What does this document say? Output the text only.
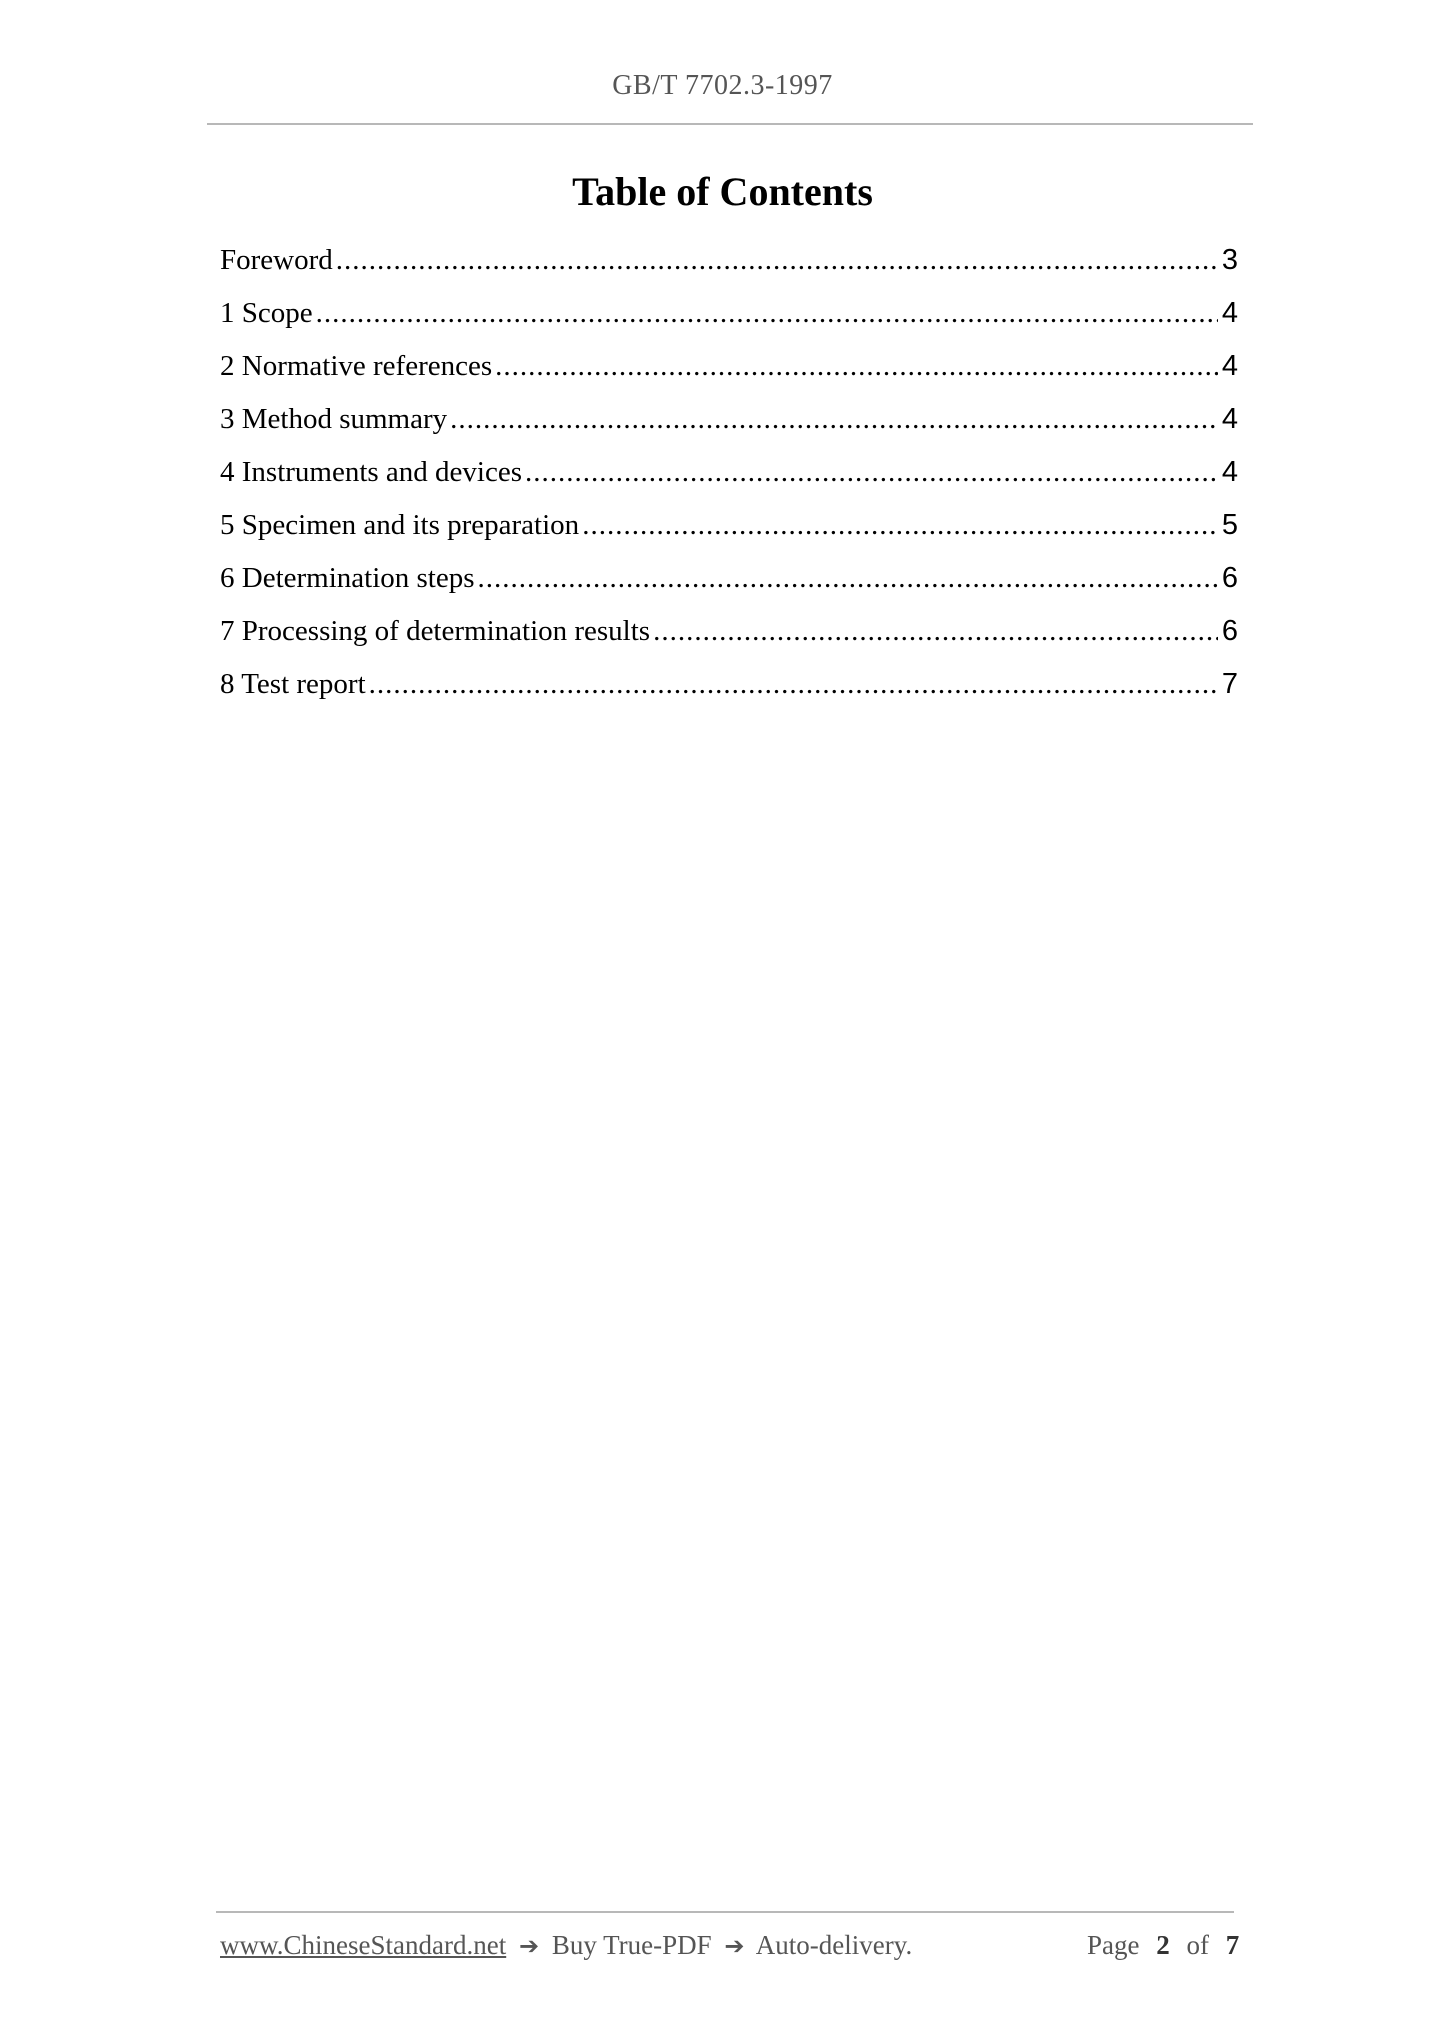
GB/T 7702.3-1997
Table of Contents
Foreword .....	3
1 Scope .....	4
2 Normative references .....	4
3 Method summary .....	4
4 Instruments and devices .....	4
5 Specimen and its preparation .....	5
6 Determination steps .....	6
7 Processing of determination results .....	6
8 Test report .....	7
www.ChineseStandard.net ➔ Buy True-PDF ➔ Auto-delivery.	Page 2 of 7
